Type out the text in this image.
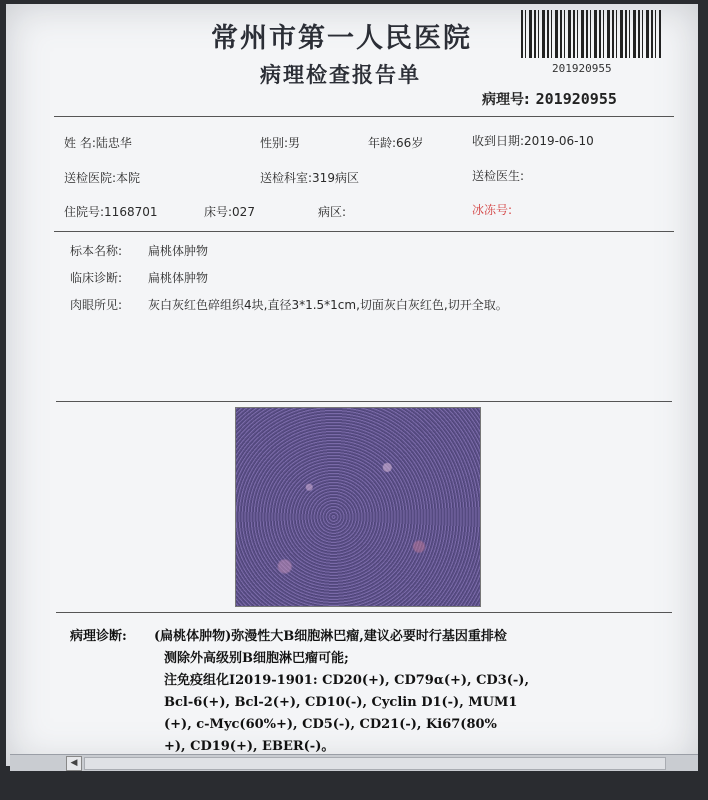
常州市第一人民医院
病理检查报告单	201920955
病理号: 201920955
姓 名:陆忠华	性别:男	年龄:66岁	收到日期:2019-06-10
送检医院:本院	送检科室:319病区	送检医生:
住院号:1168701	床号:027	病区:	冰冻号:
标本名称: 扁桃体肿物
临床诊断: 扁桃体肿物
肉眼所见: 灰白灰红色碎组织4块,直径3*1.5*1cm,切面灰白灰红色,切开全取。
病理诊断: (扁桃体肿物)弥漫性大B细胞淋巴瘤,建议必要时行基因重排检
测除外高级别B细胞淋巴瘤可能;
注免疫组化I2019-1901: CD20(+), CD79α(+), CD3(-),
Bcl-6(+), Bcl-2(+), CD10(-), Cyclin D1(-), MUM1
(+), c-Myc(60%+), CD5(-), CD21(-), Ki67(80%
+), CD19(+), EBER(-)。
◀
